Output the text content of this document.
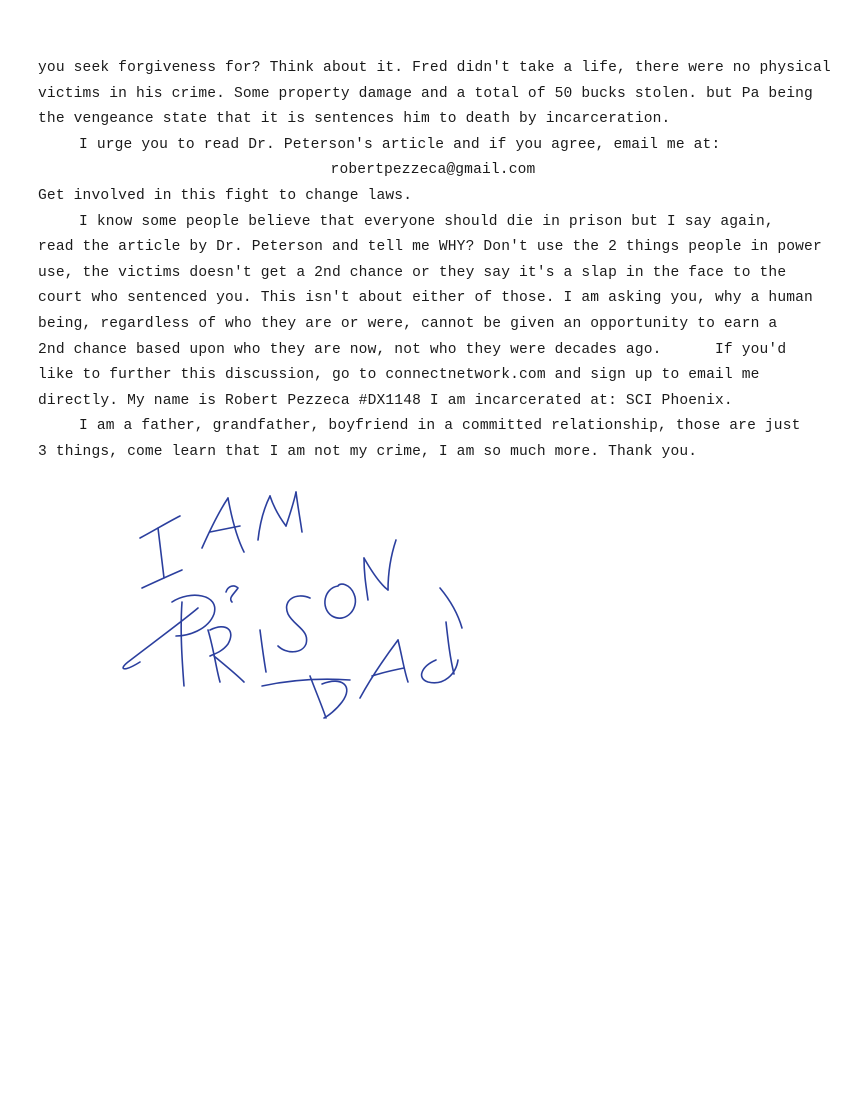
you seek forgiveness for? Think about it. Fred didn't take a life, there were no physical
victims in his crime. Some property damage and a total of 50 bucks stolen. but Pa being
the vengeance state that it is sentences him to death by incarceration.
I urge you to read Dr. Peterson's article and if you agree, email me at:
robertpezzeca@gmail.com
Get involved in this fight to change laws.
I know some people believe that everyone should die in prison but I say again,
read the article by Dr. Peterson and tell me WHY? Don't use the 2 things people in power
use, the victims doesn't get a 2nd chance or they say it's a slap in the face to the
court who sentenced you. This isn't about either of those. I am asking you, why a human
being, regardless of who they are or were, cannot be given an opportunity to earn a
2nd chance based upon who they are now, not who they were decades ago.      If you'd
like to further this discussion, go to connectnetwork.com and sign up to email me
directly. My name is Robert Pezzeca #DX1148 I am incarcerated at: SCI Phoenix.
I am a father, grandfather, boyfriend in a committed relationship, those are just
3 things, come learn that I am not my crime, I am so much more. Thank you.
